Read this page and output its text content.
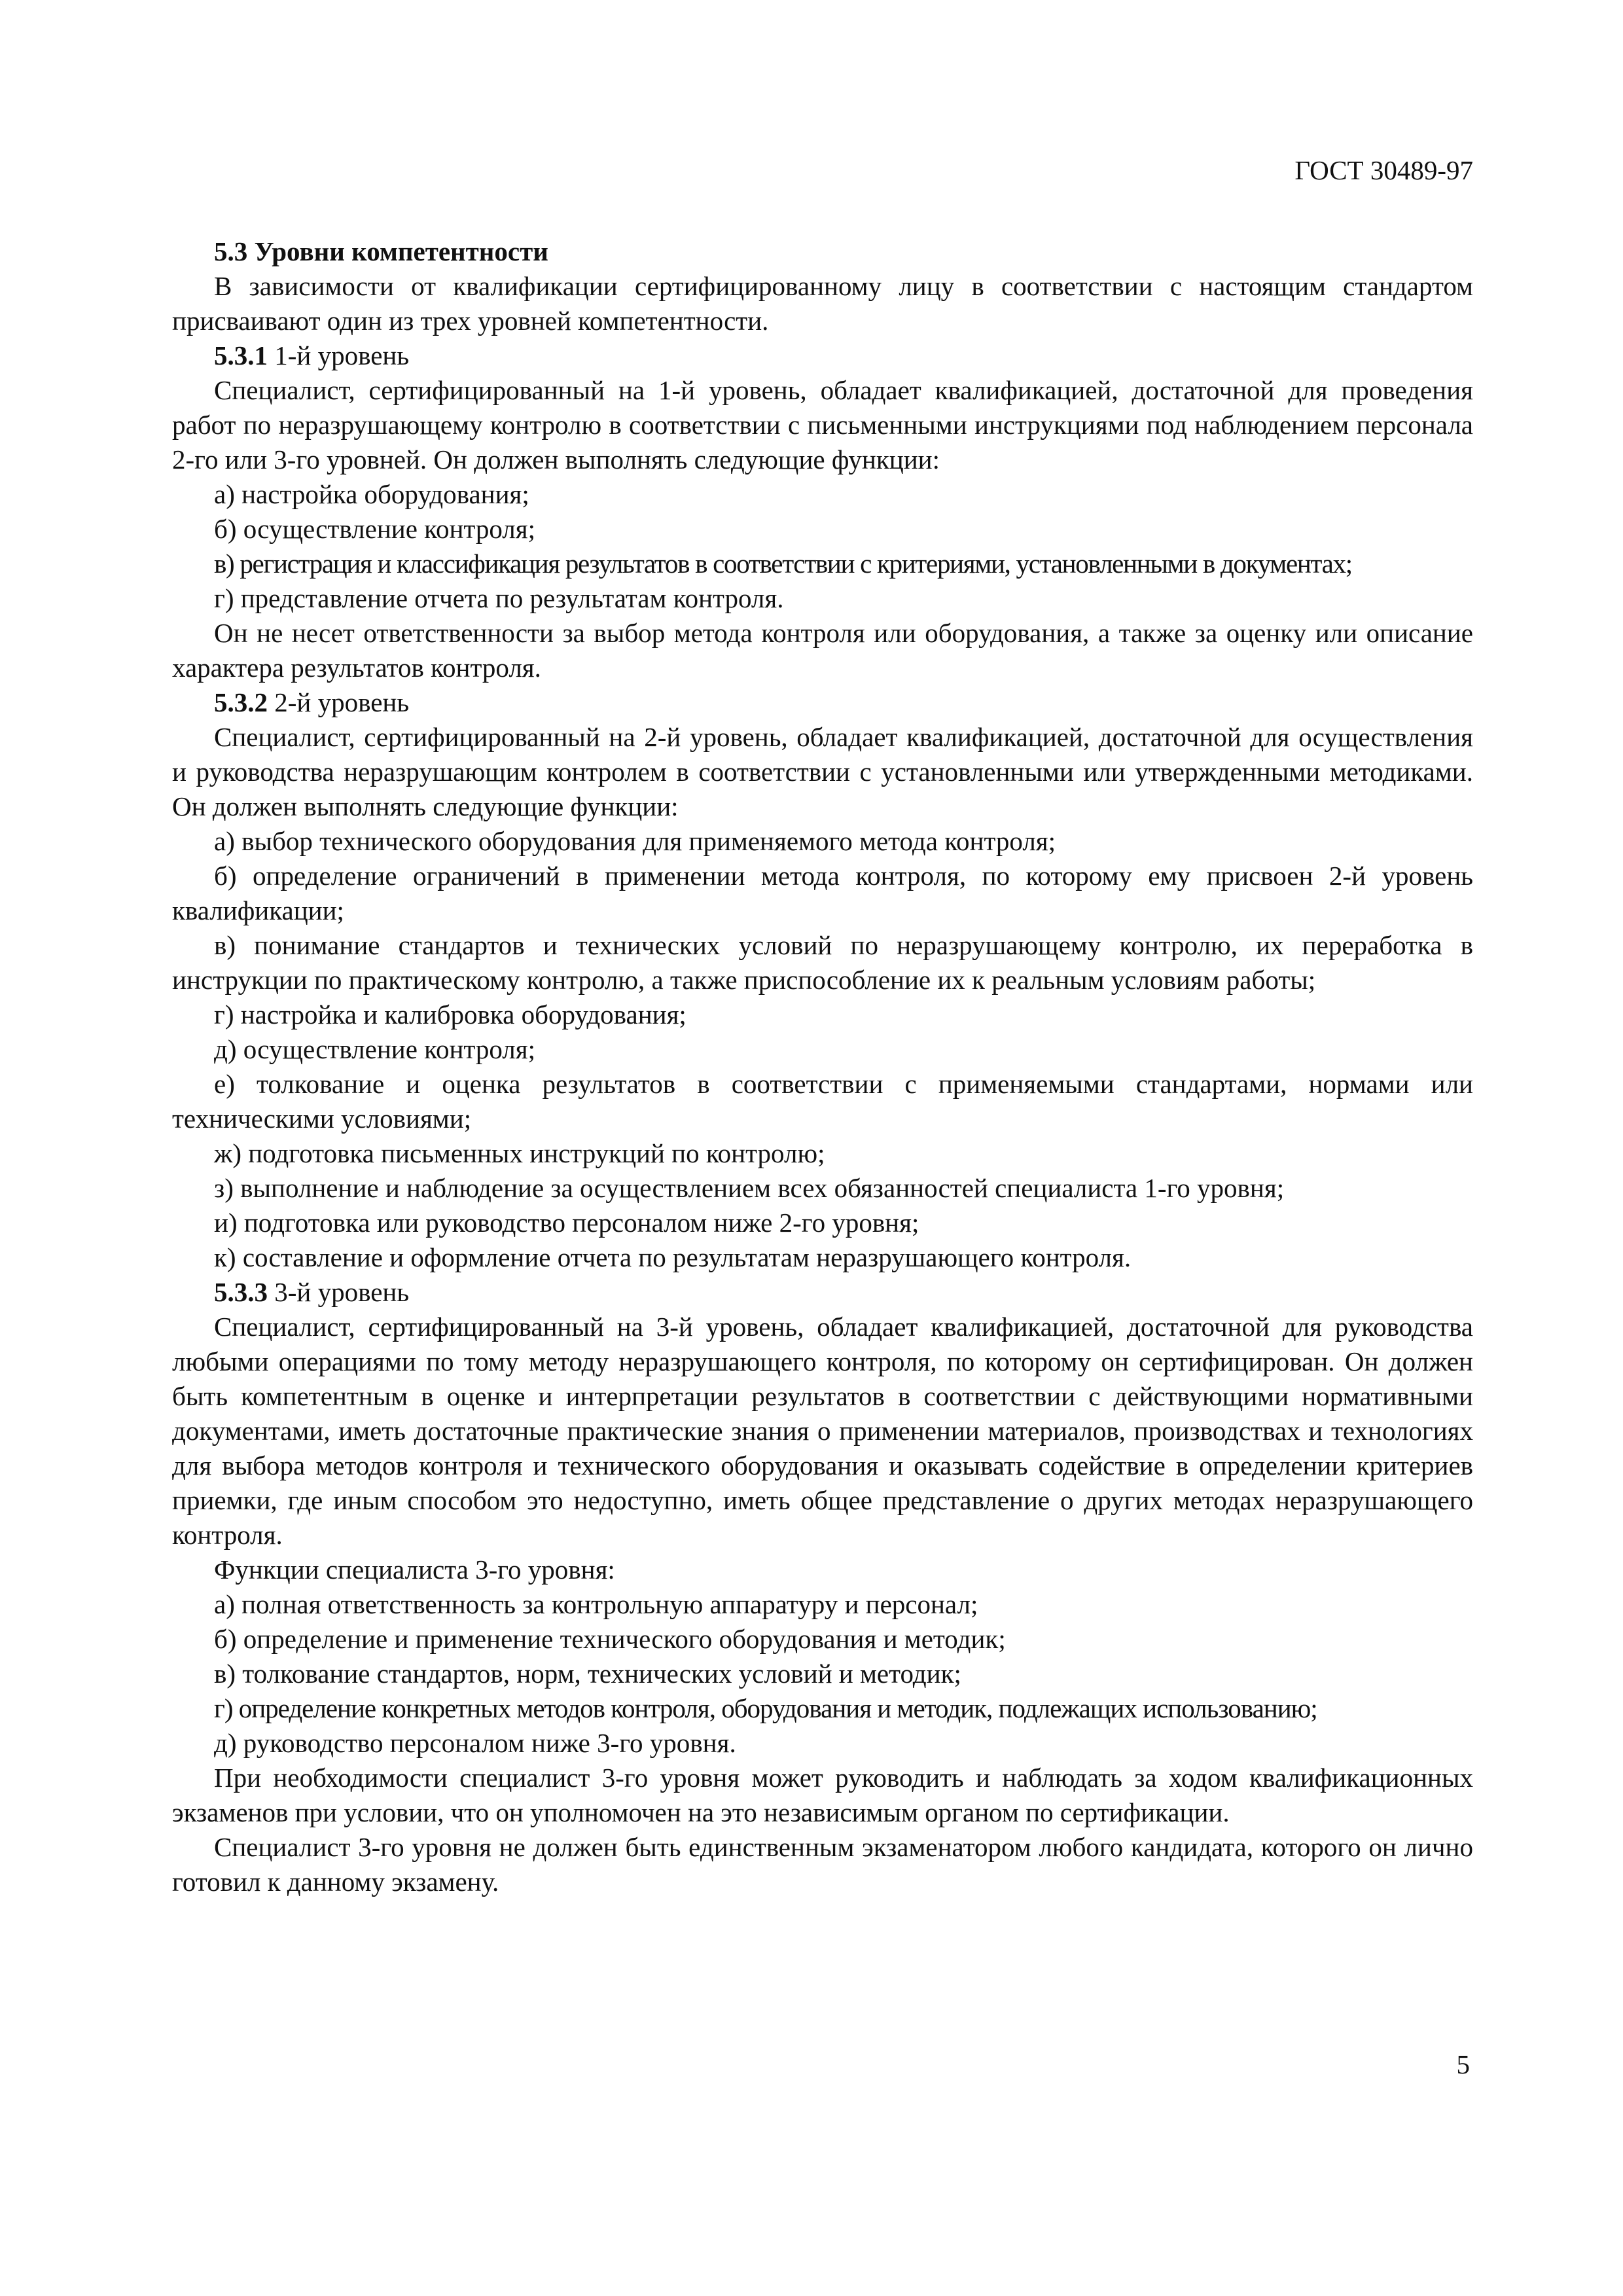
ГОСТ 30489-97

5.3 Уровни компетентности

В зависимости от квалификации сертифицированному лицу в соответствии с настоящим стандартом присваивают один из трех уровней компетентности.

5.3.1 1-й уровень

Специалист, сертифицированный на 1-й уровень, обладает квалификацией, достаточной для проведения работ по неразрушающему контролю в соответствии с письменными инструкциями под наблюдением персонала 2-го или 3-го уровней. Он должен выполнять следующие функции:

а) настройка оборудования;

б) осуществление контроля;

в) регистрация и классификация результатов в соответствии с критериями, установленными в документах;

г) представление отчета по результатам контроля.

Он не несет ответственности за выбор метода контроля или оборудования, а также за оценку или описание характера результатов контроля.

5.3.2 2-й уровень

Специалист, сертифицированный на 2-й уровень, обладает квалификацией, достаточной для осуществления и руководства неразрушающим контролем в соответствии с установленными или утвержденными методиками. Он должен выполнять следующие функции:

а) выбор технического оборудования для применяемого метода контроля;

б) определение ограничений в применении метода контроля, по которому ему присвоен 2-й уровень квалификации;

в) понимание стандартов и технических условий по неразрушающему контролю, их переработка в инструкции по практическому контролю, а также приспособление их к реальным условиям работы;

г) настройка и калибровка оборудования;

д) осуществление контроля;

е) толкование и оценка результатов в соответствии с применяемыми стандартами, нормами или техническими условиями;

ж) подготовка письменных инструкций по контролю;

з) выполнение и наблюдение за осуществлением всех обязанностей специалиста 1-го уровня;

и) подготовка или руководство персоналом ниже 2-го уровня;

к) составление и оформление отчета по результатам неразрушающего контроля.

5.3.3 3-й уровень

Специалист, сертифицированный на 3-й уровень, обладает квалификацией, достаточной для руководства любыми операциями по тому методу неразрушающего контроля, по которому он сертифицирован. Он должен быть компетентным в оценке и интерпретации результатов в соответствии с действующими нормативными документами, иметь достаточные практические знания о применении материалов, производствах и технологиях для выбора методов контроля и технического оборудования и оказывать содействие в определении критериев приемки, где иным способом это недоступно, иметь общее представление о других методах неразрушающего контроля.

Функции специалиста 3-го уровня:

а) полная ответственность за контрольную аппаратуру и персонал;

б) определение и применение технического оборудования и методик;

в) толкование стандартов, норм, технических условий и методик;

г) определение конкретных методов контроля, оборудования и методик, подлежащих использованию;

д) руководство персоналом ниже 3-го уровня.

При необходимости специалист 3-го уровня может руководить и наблюдать за ходом квалификационных экзаменов при условии, что он уполномочен на это независимым органом по сертификации.

Специалист 3-го уровня не должен быть единственным экзаменатором любого кандидата, которого он лично готовил к данному экзамену.

5
